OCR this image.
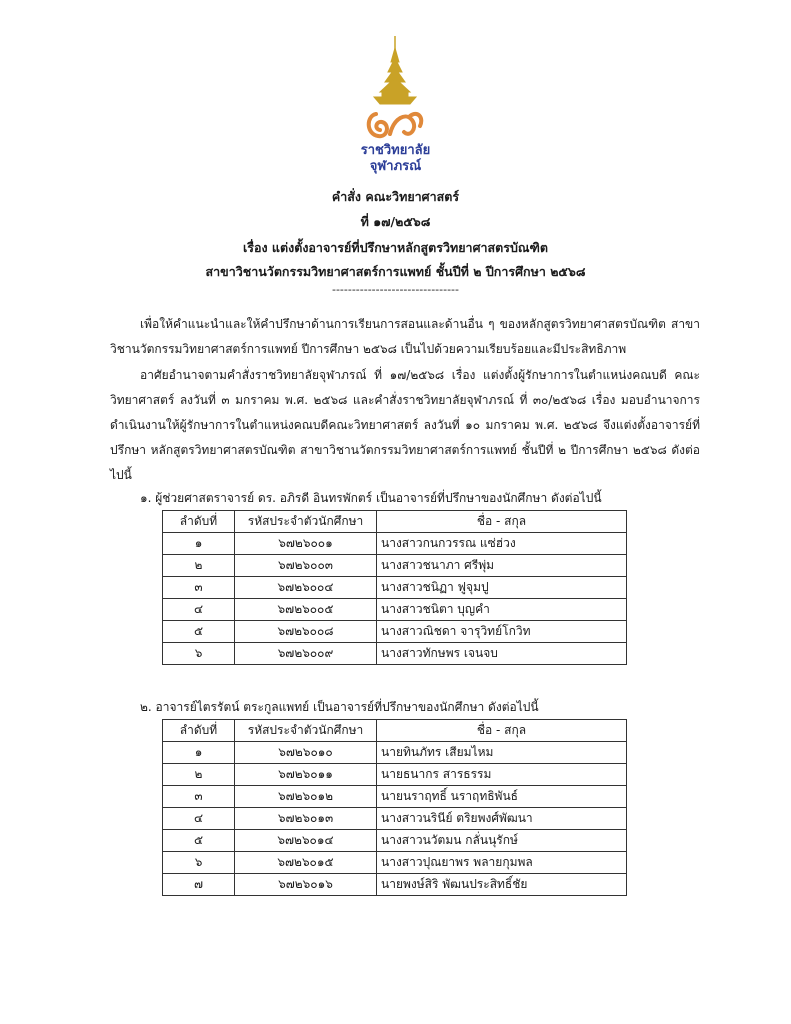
ราชวิทยาลัย
จุฬาภรณ์
คำสั่ง คณะวิทยาศาสตร์
ที่ ๑๗/๒๕๖๘
เรื่อง แต่งตั้งอาจารย์ที่ปรึกษาหลักสูตรวิทยาศาสตรบัณฑิต
สาขาวิชานวัตกรรมวิทยาศาสตร์การแพทย์ ชั้นปีที่ ๒ ปีการศึกษา ๒๕๖๘
--------------------------------
เพื่อให้คำแนะนำและให้คำปรึกษาด้านการเรียนการสอนและด้านอื่น ๆ ของหลักสูตรวิทยาศาสตรบัณฑิต สาขาวิชานวัตกรรมวิทยาศาสตร์การแพทย์ ปีการศึกษา ๒๕๖๘ เป็นไปด้วยความเรียบร้อยและมีประสิทธิภาพ
อาศัยอำนาจตามคำสั่งราชวิทยาลัยจุฬาภรณ์ ที่ ๑๗/๒๕๖๘ เรื่อง แต่งตั้งผู้รักษาการในตำแหน่งคณบดี คณะวิทยาศาสตร์ ลงวันที่ ๓ มกราคม พ.ศ. ๒๕๖๘ และคำสั่งราชวิทยาลัยจุฬาภรณ์ ที่ ๓๐/๒๕๖๘ เรื่อง มอบอำนาจการดำเนินงานให้ผู้รักษาการในตำแหน่งคณบดีคณะวิทยาศาสตร์ ลงวันที่ ๑๐ มกราคม พ.ศ. ๒๕๖๘ จึงแต่งตั้งอาจารย์ที่ปรึกษา หลักสูตรวิทยาศาสตรบัณฑิต สาขาวิชานวัตกรรมวิทยาศาสตร์การแพทย์ ชั้นปีที่ ๒ ปีการศึกษา ๒๕๖๘ ดังต่อไปนี้
๑. ผู้ช่วยศาสตราจารย์ ดร. อภิรดี อินทรพักตร์ เป็นอาจารย์ที่ปรึกษาของนักศึกษา ดังต่อไปนี้
ลำดับที่	รหัสประจำตัวนักศึกษา	ชื่อ - สกุล
๑	๖๗๒๖๐๐๑	นางสาวกนกวรรณ แซ่ฮ่วง
๒	๖๗๒๖๐๐๓	นางสาวชนาภา ศรีพุ่ม
๓	๖๗๒๖๐๐๔	นางสาวชนิฏา ฟูจุมปู
๔	๖๗๒๖๐๐๕	นางสาวชนิตา บุญคำ
๕	๖๗๒๖๐๐๘	นางสาวณิชดา จารุวิทย์โกวิท
๖	๖๗๒๖๐๐๙	นางสาวทักษพร เจนจบ
๒. อาจารย์ไตรรัตน์ ตระกูลแพทย์ เป็นอาจารย์ที่ปรึกษาของนักศึกษา ดังต่อไปนี้
ลำดับที่	รหัสประจำตัวนักศึกษา	ชื่อ - สกุล
๑	๖๗๒๖๐๑๐	นายทินภัทร เสียมไหม
๒	๖๗๒๖๐๑๑	นายธนากร สารธรรม
๓	๖๗๒๖๐๑๒	นายนราฤทธิ์ นราฤทธิพันธ์
๔	๖๗๒๖๐๑๓	นางสาวนรินีย์ ตริยพงศ์พัฒนา
๕	๖๗๒๖๐๑๔	นางสาวนวัตมน กลั่นนุรักษ์
๖	๖๗๒๖๐๑๕	นางสาวปุณยาพร พลายกุมพล
๗	๖๗๒๖๐๑๖	นายพงษ์สิริ พัฒนประสิทธิ์ชัย
